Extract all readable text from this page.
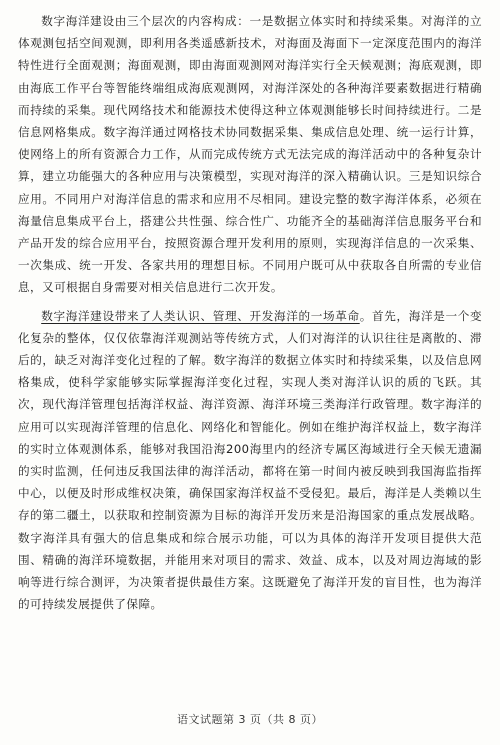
数字海洋建设由三个层次的内容构成：一是数据立体实时和持续采集。对海洋的立体观测包括空间观测，即利用各类遥感新技术，对海面及海面下一定深度范围内的海洋特性进行全面观测；海面观测，即由海面观测网对海洋实行全天候观测；海底观测，即由海底工作平台等智能终端组成海底观测网，对海洋深处的各种海洋要素数据进行精确而持续的采集。现代网络技术和能源技术使得这种立体观测能够长时间持续进行。二是信息网格集成。数字海洋通过网格技术协同数据采集、集成信息处理、统一运行计算，使网络上的所有资源合力工作，从而完成传统方式无法完成的海洋活动中的各种复杂计算，建立功能强大的各种应用与决策模型，实现对海洋的深入精确认识。三是知识综合应用。不同用户对海洋信息的需求和应用不尽相同。建设完整的数字海洋体系，必须在海量信息集成平台上，搭建公共性强、综合性广、功能齐全的基础海洋信息服务平台和产品开发的综合应用平台，按照资源合理开发利用的原则，实现海洋信息的一次采集、一次集成、统一开发、各家共用的理想目标。不同用户既可从中获取各自所需的专业信息，又可根据自身需要对相关信息进行二次开发。

数字海洋建设带来了人类认识、管理、开发海洋的一场革命。首先，海洋是一个变化复杂的整体，仅仅依靠海洋观测站等传统方式，人们对海洋的认识往往是离散的、滞后的，缺乏对海洋变化过程的了解。数字海洋的数据立体实时和持续采集，以及信息网格集成，使科学家能够实际掌握海洋变化过程，实现人类对海洋认识的质的飞跃。其次，现代海洋管理包括海洋权益、海洋资源、海洋环境三类海洋行政管理。数字海洋的应用可以实现海洋管理的信息化、网络化和智能化。例如在维护海洋权益上，数字海洋的实时立体观测体系，能够对我国沿海200海里内的经济专属区海域进行全天候无遗漏的实时监测，任何违反我国法律的海洋活动，都将在第一时间内被反映到我国海监指挥中心，以便及时形成维权决策，确保国家海洋权益不受侵犯。最后，海洋是人类赖以生存的第二疆土，以获取和控制资源为目标的海洋开发历来是沿海国家的重点发展战略。数字海洋具有强大的信息集成和综合展示功能，可以为具体的海洋开发项目提供大范围、精确的海洋环境数据，并能用来对项目的需求、效益、成本，以及对周边海域的影响等进行综合测评，为决策者提供最佳方案。这既避免了海洋开发的盲目性，也为海洋的可持续发展提供了保障。

语文试题第 3 页（共 8 页）
